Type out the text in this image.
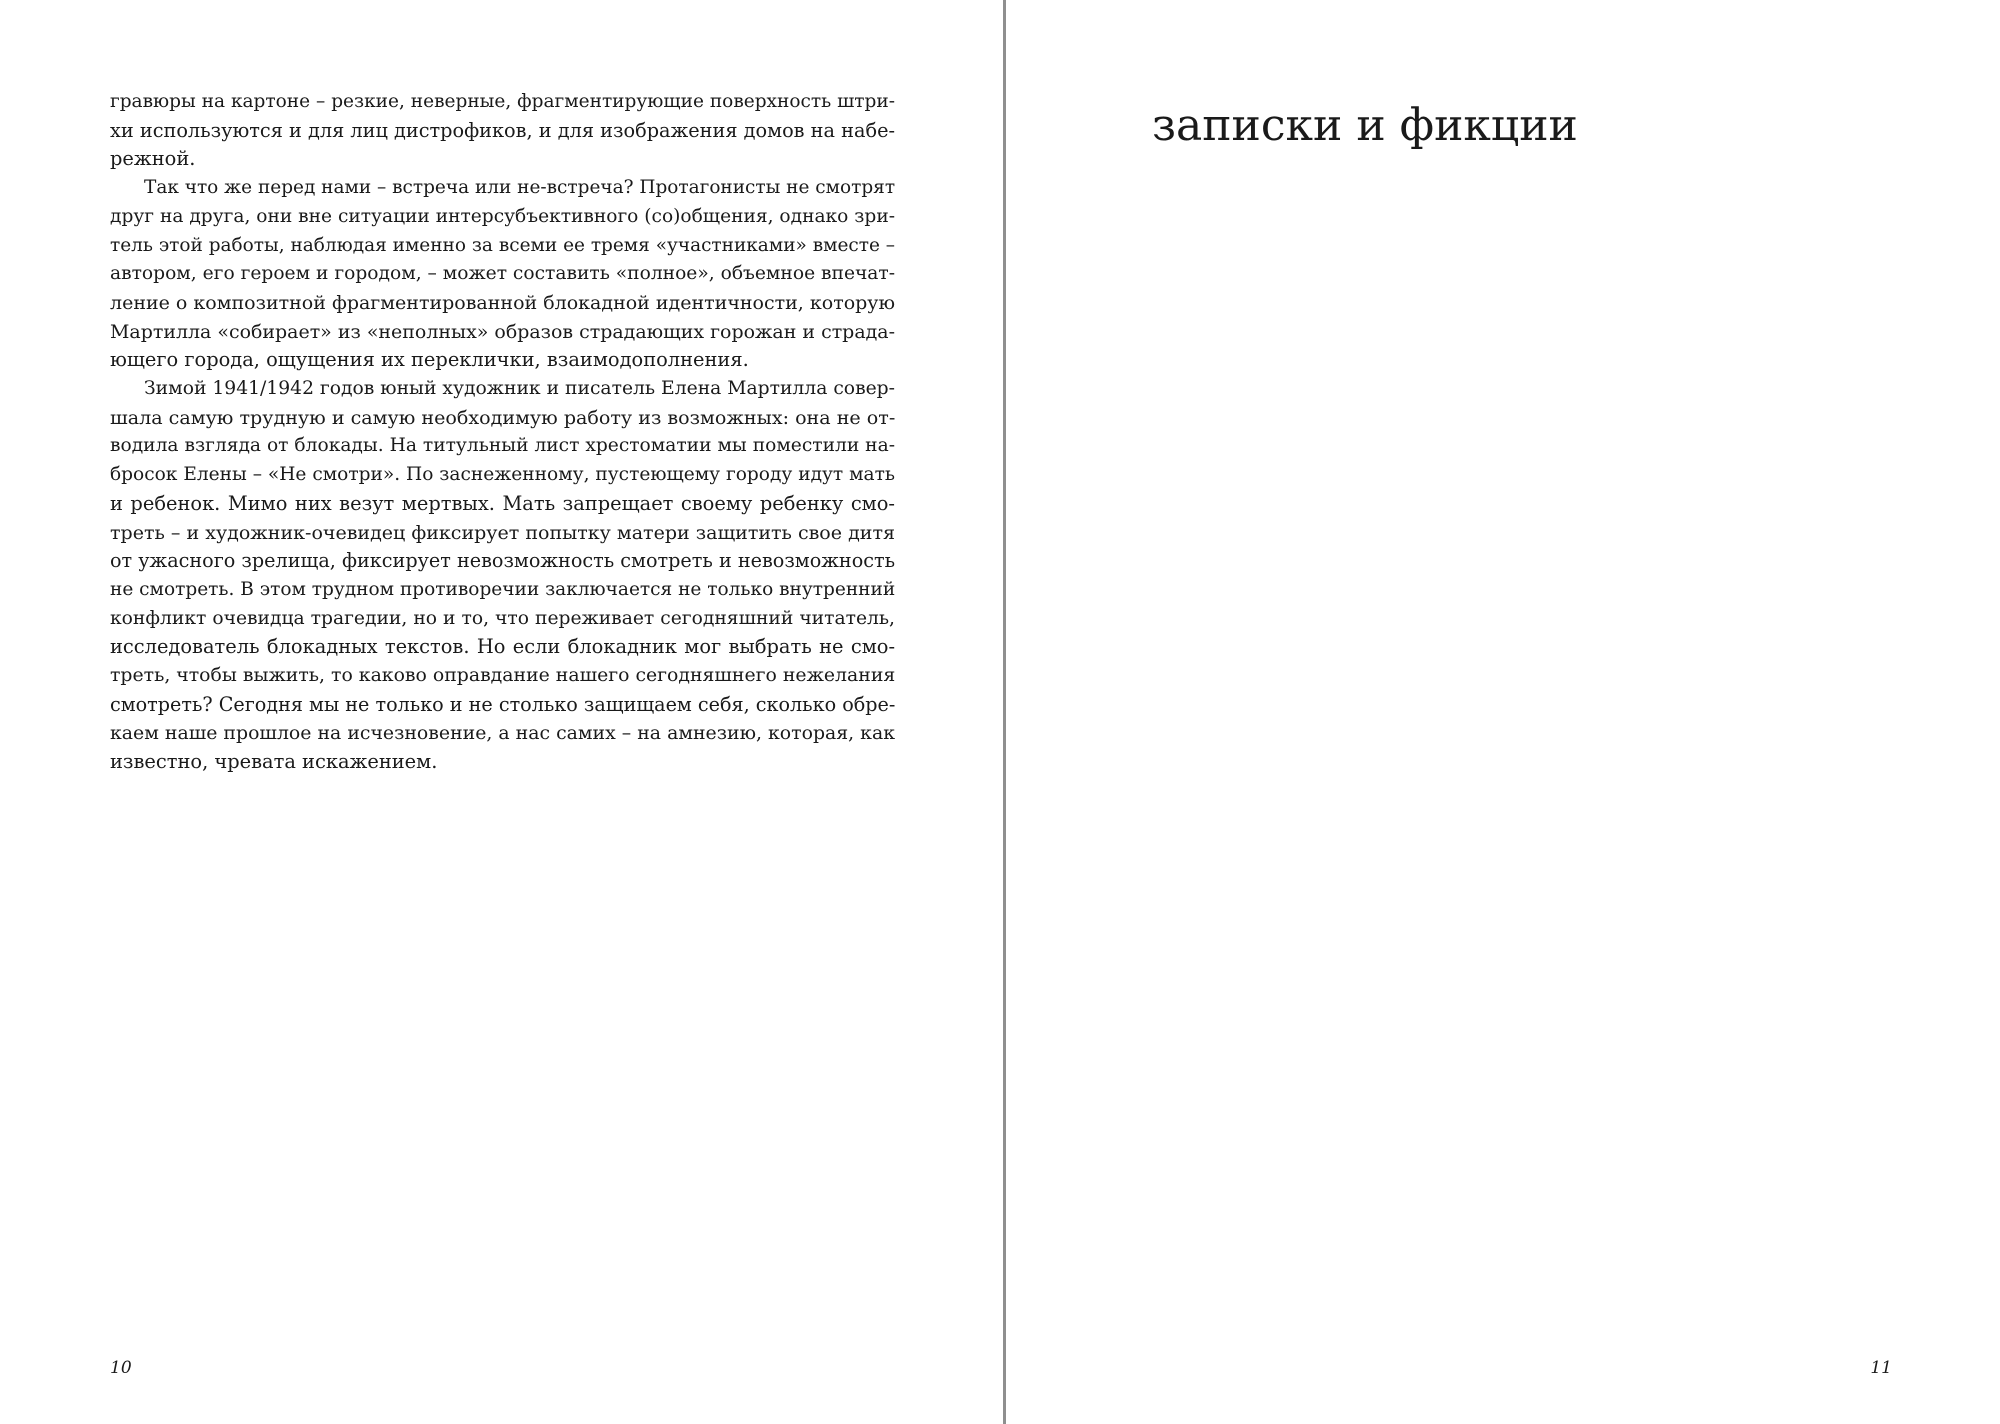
гравюры на картоне – резкие, неверные, фрагментирующие поверхность штри-
хи используются и для лиц дистрофиков, и для изображения домов на набе-
режной.
Так что же перед нами – встреча или не-встреча? Протагонисты не смотрят
друг на друга, они вне ситуации интерсубъективного (со)общения, однако зри-
тель этой работы, наблюдая именно за всеми ее тремя «участниками» вместе –
автором, его героем и городом, – может составить «полное», объемное впечат-
ление о композитной фрагментированной блокадной идентичности, которую
Мартилла «собирает» из «неполных» образов страдающих горожан и страда-
ющего города, ощущения их переклички, взаимодополнения.
Зимой 1941/1942 годов юный художник и писатель Елена Мартилла совер-
шала самую трудную и самую необходимую работу из возможных: она не от-
водила взгляда от блокады. На титульный лист хрестоматии мы поместили на-
бросок Елены – «Не смотри». По заснеженному, пустеющему городу идут мать
и ребенок. Мимо них везут мертвых. Мать запрещает своему ребенку смо-
треть – и художник-очевидец фиксирует попытку матери защитить свое дитя
от ужасного зрелища, фиксирует невозможность смотреть и невозможность
не смотреть. В этом трудном противоречии заключается не только внутренний
конфликт очевидца трагедии, но и то, что переживает сегодняшний читатель,
исследователь блокадных текстов. Но если блокадник мог выбрать не смо-
треть, чтобы выжить, то каково оправдание нашего сегодняшнего нежелания
смотреть? Сегодня мы не только и не столько защищаем себя, сколько обре-
каем наше прошлое на исчезновение, а нас самих – на амнезию, которая, как
известно, чревата искажением.
10
записки и фикции
11
